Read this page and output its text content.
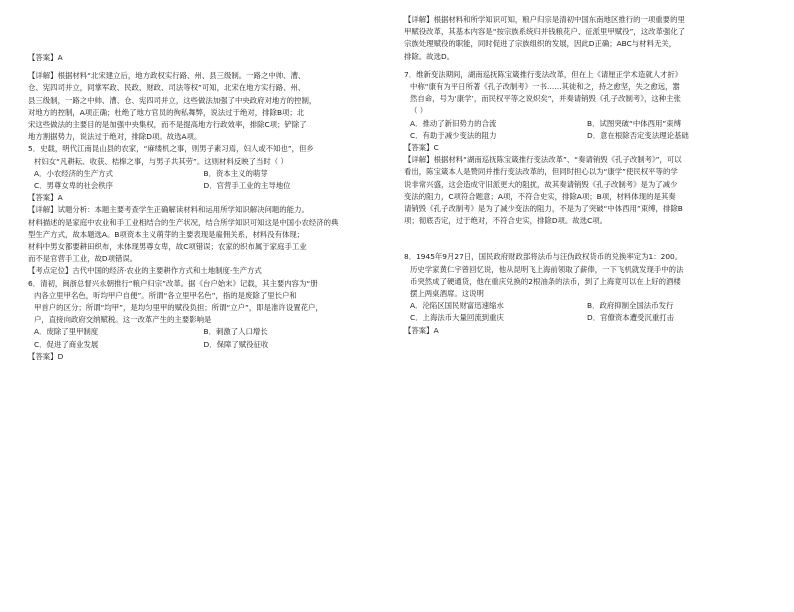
【答案】A

【详解】根据材料“北宋建立后，地方政权实行路、州、县三级制。一路之中帅、漕、

仓、宪四司并立，同掌军政、民政、财政、司法等权”可知，北宋在地方实行路、州、

县三级制，一路之中帅、漕、仓、宪四司并立，这些做法加强了中央政府对地方的控制，

对地方的控制，A项正确；杜绝了地方官员的徇私舞弊，说法过于绝对，排除B项；北

宋这些做法的主要目的是加强中央集权，而不是提高地方行政效率，排除C项；铲除了

地方割据势力，说法过于绝对，排除D项。故选A项。

5．史载，明代江南昆山县的农家，“麻缕机之事，则男子素习焉，妇人或不知也”，但乡

村妇女“凡耕耘、收获、桔槔之事，与男子共其劳”。这则材料反映了当时（ ）

A．小农经济的生产方式	B．资本主义的萌芽
C．男尊女卑的社会秩序	D．官营手工业的主导地位

【答案】A

【详解】试题分析：本题主要考查学生正确解读材料和运用所学知识解决问题的能力。

材料描述的是家庭中农业和手工业相结合的生产状况，结合所学知识可知这是中国小农经济的典

型生产方式，故本题选A。B项资本主义萌芽的主要表现是雇佣关系，材料没有体现；

材料中男女都要耕田织布，未体现男尊女卑，故C项错误；农家的织布属于家庭手工业

而不是官营手工业，故D项错误。

【考点定位】古代中国的经济·农业的主要耕作方式和土地制度·生产方式

6．清初，闽浙总督兴永朝推行“粮户归宗”改革。据《台户始末》记载，其主要内容为“册

内各立里甲名色，听均甲户自便”。所谓“各立里甲名色”，指的是废除了里长户和

甲首户的区分；所谓“均甲”，是均匀里甲的赋役负担；所谓“立户”，即是准许设置花户，

户，直接向政府交纳赋税。这一改革产生的主要影响是

A．废除了里甲制度	B．刺激了人口增长
C．促进了商业发展	D．保障了赋役征收

【答案】D

【详解】根据材料和所学知识可知，粮户归宗是清初中国东南地区推行的一项重要的里

甲赋役改革，其基本内容是“按宗族系统归并钱粮花户、征派里甲赋役”，这改革强化了

宗族处理赋役的职能，同时促进了宗族组织的发展，因此D正确；ABC与材料无关，

排除。故选D。

7．维新变法期间，湖南巡抚陈宝箴推行变法改革，但在上《请厘正学术造就人才折》

中称“康有为平日所著《孔子改制考》一书……其徒和之，持之愈坚，失之愈远，嚣

然自命，号为‘康学’，而民权平等之说炽矣”，并奏请销毁《孔子改制考》，这种主张

（ ）

A．推动了新旧势力的合流	B．试图突破“中体西用”束缚
C．有助于减少变法的阻力	D．意在根除否定变法理论基础

【答案】C

【详解】根据材料“湖南巡抚陈宝箴推行变法改革”、“奏请销毁《孔子改制考》”，可以

看出，陈宝箴本人是赞同并推行变法改革的，但同时担心以为“康学”使民权平等的学

说非常兴盛，这会造成守旧派更大的阻扰，故其奏请销毁《孔子改制考》是为了减少

变法的阻力，C项符合题意；A项，不符合史实，排除A项；B项，材料体现的是其奏

请销毁《孔子改制考》是为了减少变法的阻力，不是为了突破“中体西用”束缚，排除B

项；彻底否定，过于绝对，不符合史实，排除D项。故选C项。

8．1945年9月27日，国民政府财政部将法币与汪伪政权货币的兑换率定为1：200。

历史学家黄仁宇曾回忆说，他从昆明飞上海前领取了薪俸，一下飞机就发现手中的法

币突然成了硬通货，他在重庆兑换的2根油条的法币，到了上海竟可以在上好的酒楼

摆上两桌酒席。这说明

A．沦陷区国民财富迅速缩水	B．政府抑制全国法币发行
C．上海法币大量回流到重庆	D．官僚资本遭受沉重打击

【答案】A
